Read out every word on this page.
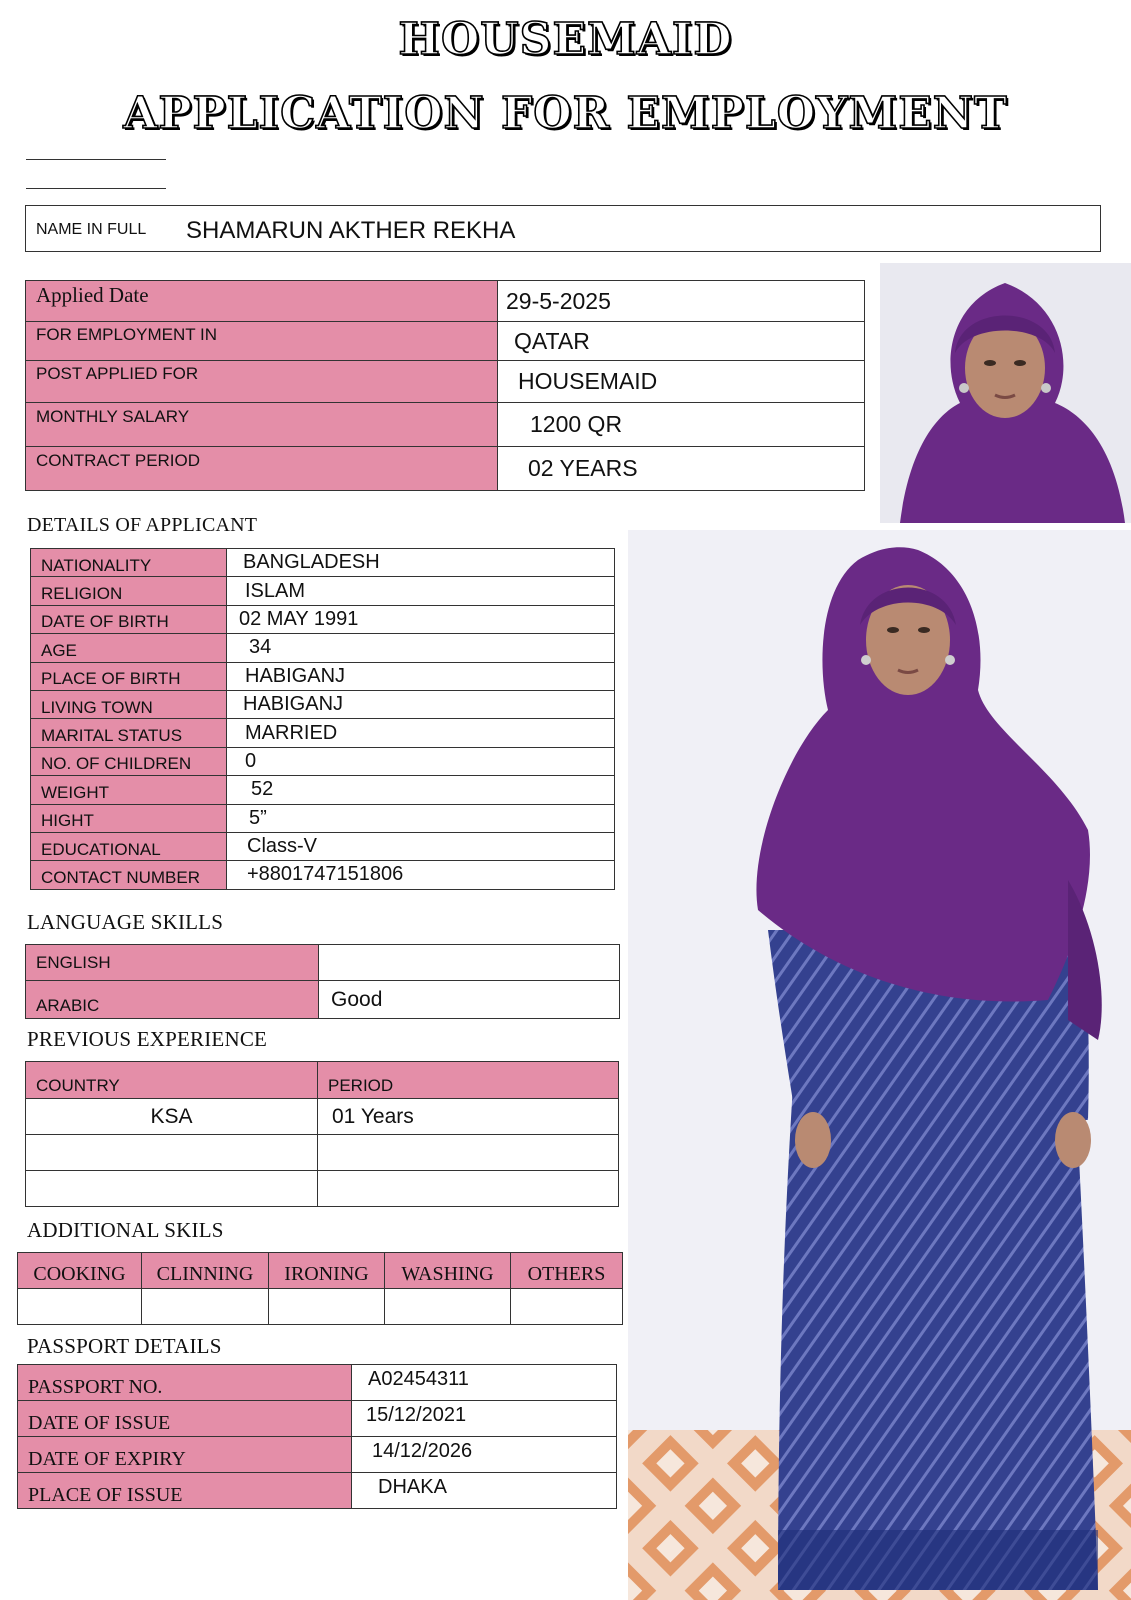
HOUSEMAID
APPLICATION FOR EMPLOYMENT
NAME IN FULL SHAMARUN AKTHER REKHA
Applied Date	29-5-2025
FOR EMPLOYMENT IN	QATAR
POST APPLIED FOR	HOUSEMAID
MONTHLY SALARY	1200 QR
CONTRACT PERIOD	02 YEARS
DETAILS OF APPLICANT
NATIONALITY	BANGLADESH
RELIGION	ISLAM
DATE OF BIRTH	02 MAY 1991
AGE	34
PLACE OF BIRTH	HABIGANJ
LIVING TOWN	HABIGANJ
MARITAL STATUS	MARRIED
NO. OF CHILDREN	0
WEIGHT	52
HIGHT	5”
EDUCATIONAL	Class-V
CONTACT NUMBER	+8801747151806
LANGUAGE SKILLS
ENGLISH	
ARABIC	Good
PREVIOUS EXPERIENCE
COUNTRY	PERIOD
KSA	01 Years

ADDITIONAL SKILS
COOKING	CLINNING	IRONING	WASHING	OTHERS

PASSPORT DETAILS
PASSPORT NO.	A02454311
DATE OF ISSUE	15/12/2021
DATE OF EXPIRY	14/12/2026
PLACE OF ISSUE	DHAKA
